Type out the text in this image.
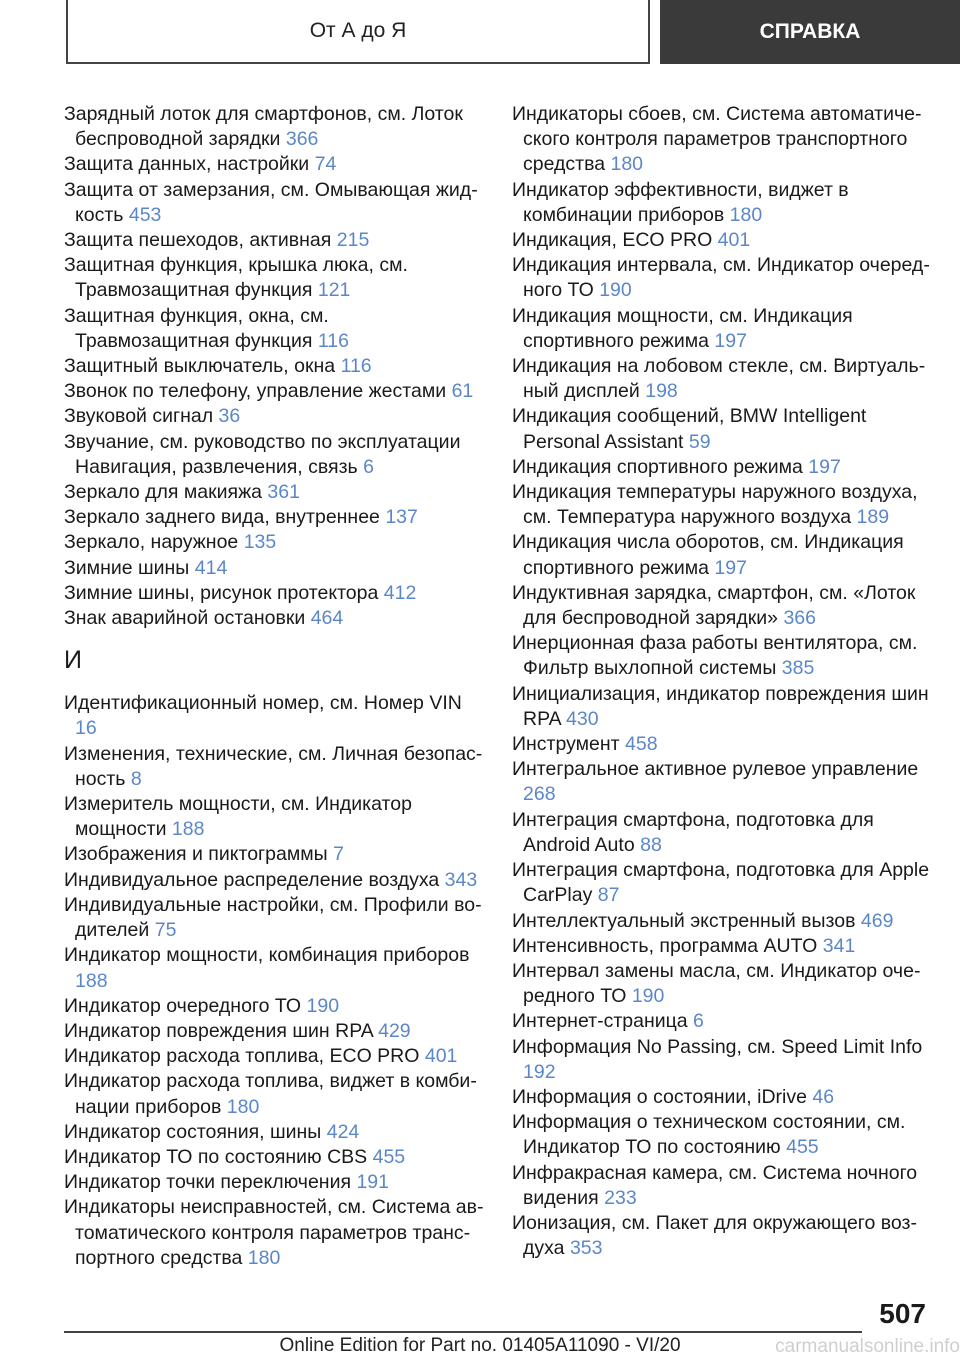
От А до Я	СПРАВКА
Зарядный лоток для смартфонов, см. Лоток беспроводной зарядки 366
Защита данных, настройки 74
Защита от замерзания, см. Омывающая жидкость 453
Защита пешеходов, активная 215
Защитная функция, крышка люка, см. Травмозащитная функция 121
Защитная функция, окна, см. Травмозащитная функция 116
Защитный выключатель, окна 116
Звонок по телефону, управление жестами 61
Звуковой сигнал 36
Звучание, см. руководство по эксплуатации Навигация, развлечения, связь 6
Зеркало для макияжа 361
Зеркало заднего вида, внутреннее 137
Зеркало, наружное 135
Зимние шины 414
Зимние шины, рисунок протектора 412
Знак аварийной остановки 464
И
Идентификационный номер, см. Номер VIN 16
Изменения, технические, см. Личная безопасность 8
Измеритель мощности, см. Индикатор мощности 188
Изображения и пиктограммы 7
Индивидуальное распределение воздуха 343
Индивидуальные настройки, см. Профили водителей 75
Индикатор мощности, комбинация приборов 188
Индикатор очередного ТО 190
Индикатор повреждения шин RPA 429
Индикатор расхода топлива, ECO PRO 401
Индикатор расхода топлива, виджет в комбинации приборов 180
Индикатор состояния, шины 424
Индикатор ТО по состоянию CBS 455
Индикатор точки переключения 191
Индикаторы неисправностей, см. Система автоматического контроля параметров транспортного средства 180
Индикаторы сбоев, см. Система автоматического контроля параметров транспортного средства 180
Индикатор эффективности, виджет в комбинации приборов 180
Индикация, ECO PRO 401
Индикация интервала, см. Индикатор очередного ТО 190
Индикация мощности, см. Индикация спортивного режима 197
Индикация на лобовом стекле, см. Виртуальный дисплей 198
Индикация сообщений, BMW Intelligent Personal Assistant 59
Индикация спортивного режима 197
Индикация температуры наружного воздуха, см. Температура наружного воздуха 189
Индикация числа оборотов, см. Индикация спортивного режима 197
Индуктивная зарядка, смартфон, см. «Лоток для беспроводной зарядки» 366
Инерционная фаза работы вентилятора, см. Фильтр выхлопной системы 385
Инициализация, индикатор повреждения шин RPA 430
Инструмент 458
Интегральное активное рулевое управление 268
Интеграция смартфона, подготовка для Android Auto 88
Интеграция смартфона, подготовка для Apple CarPlay 87
Интеллектуальный экстренный вызов 469
Интенсивность, программа AUTO 341
Интервал замены масла, см. Индикатор очередного ТО 190
Интернет-страница 6
Информация No Passing, см. Speed Limit Info 192
Информация о состоянии, iDrive 46
Информация о техническом состоянии, см. Индикатор ТО по состоянию 455
Инфракрасная камера, см. Система ночного видения 233
Ионизация, см. Пакет для окружающего воздуха 353
507
Online Edition for Part no. 01405A11090 - VI/20	carmanualsonline.info
